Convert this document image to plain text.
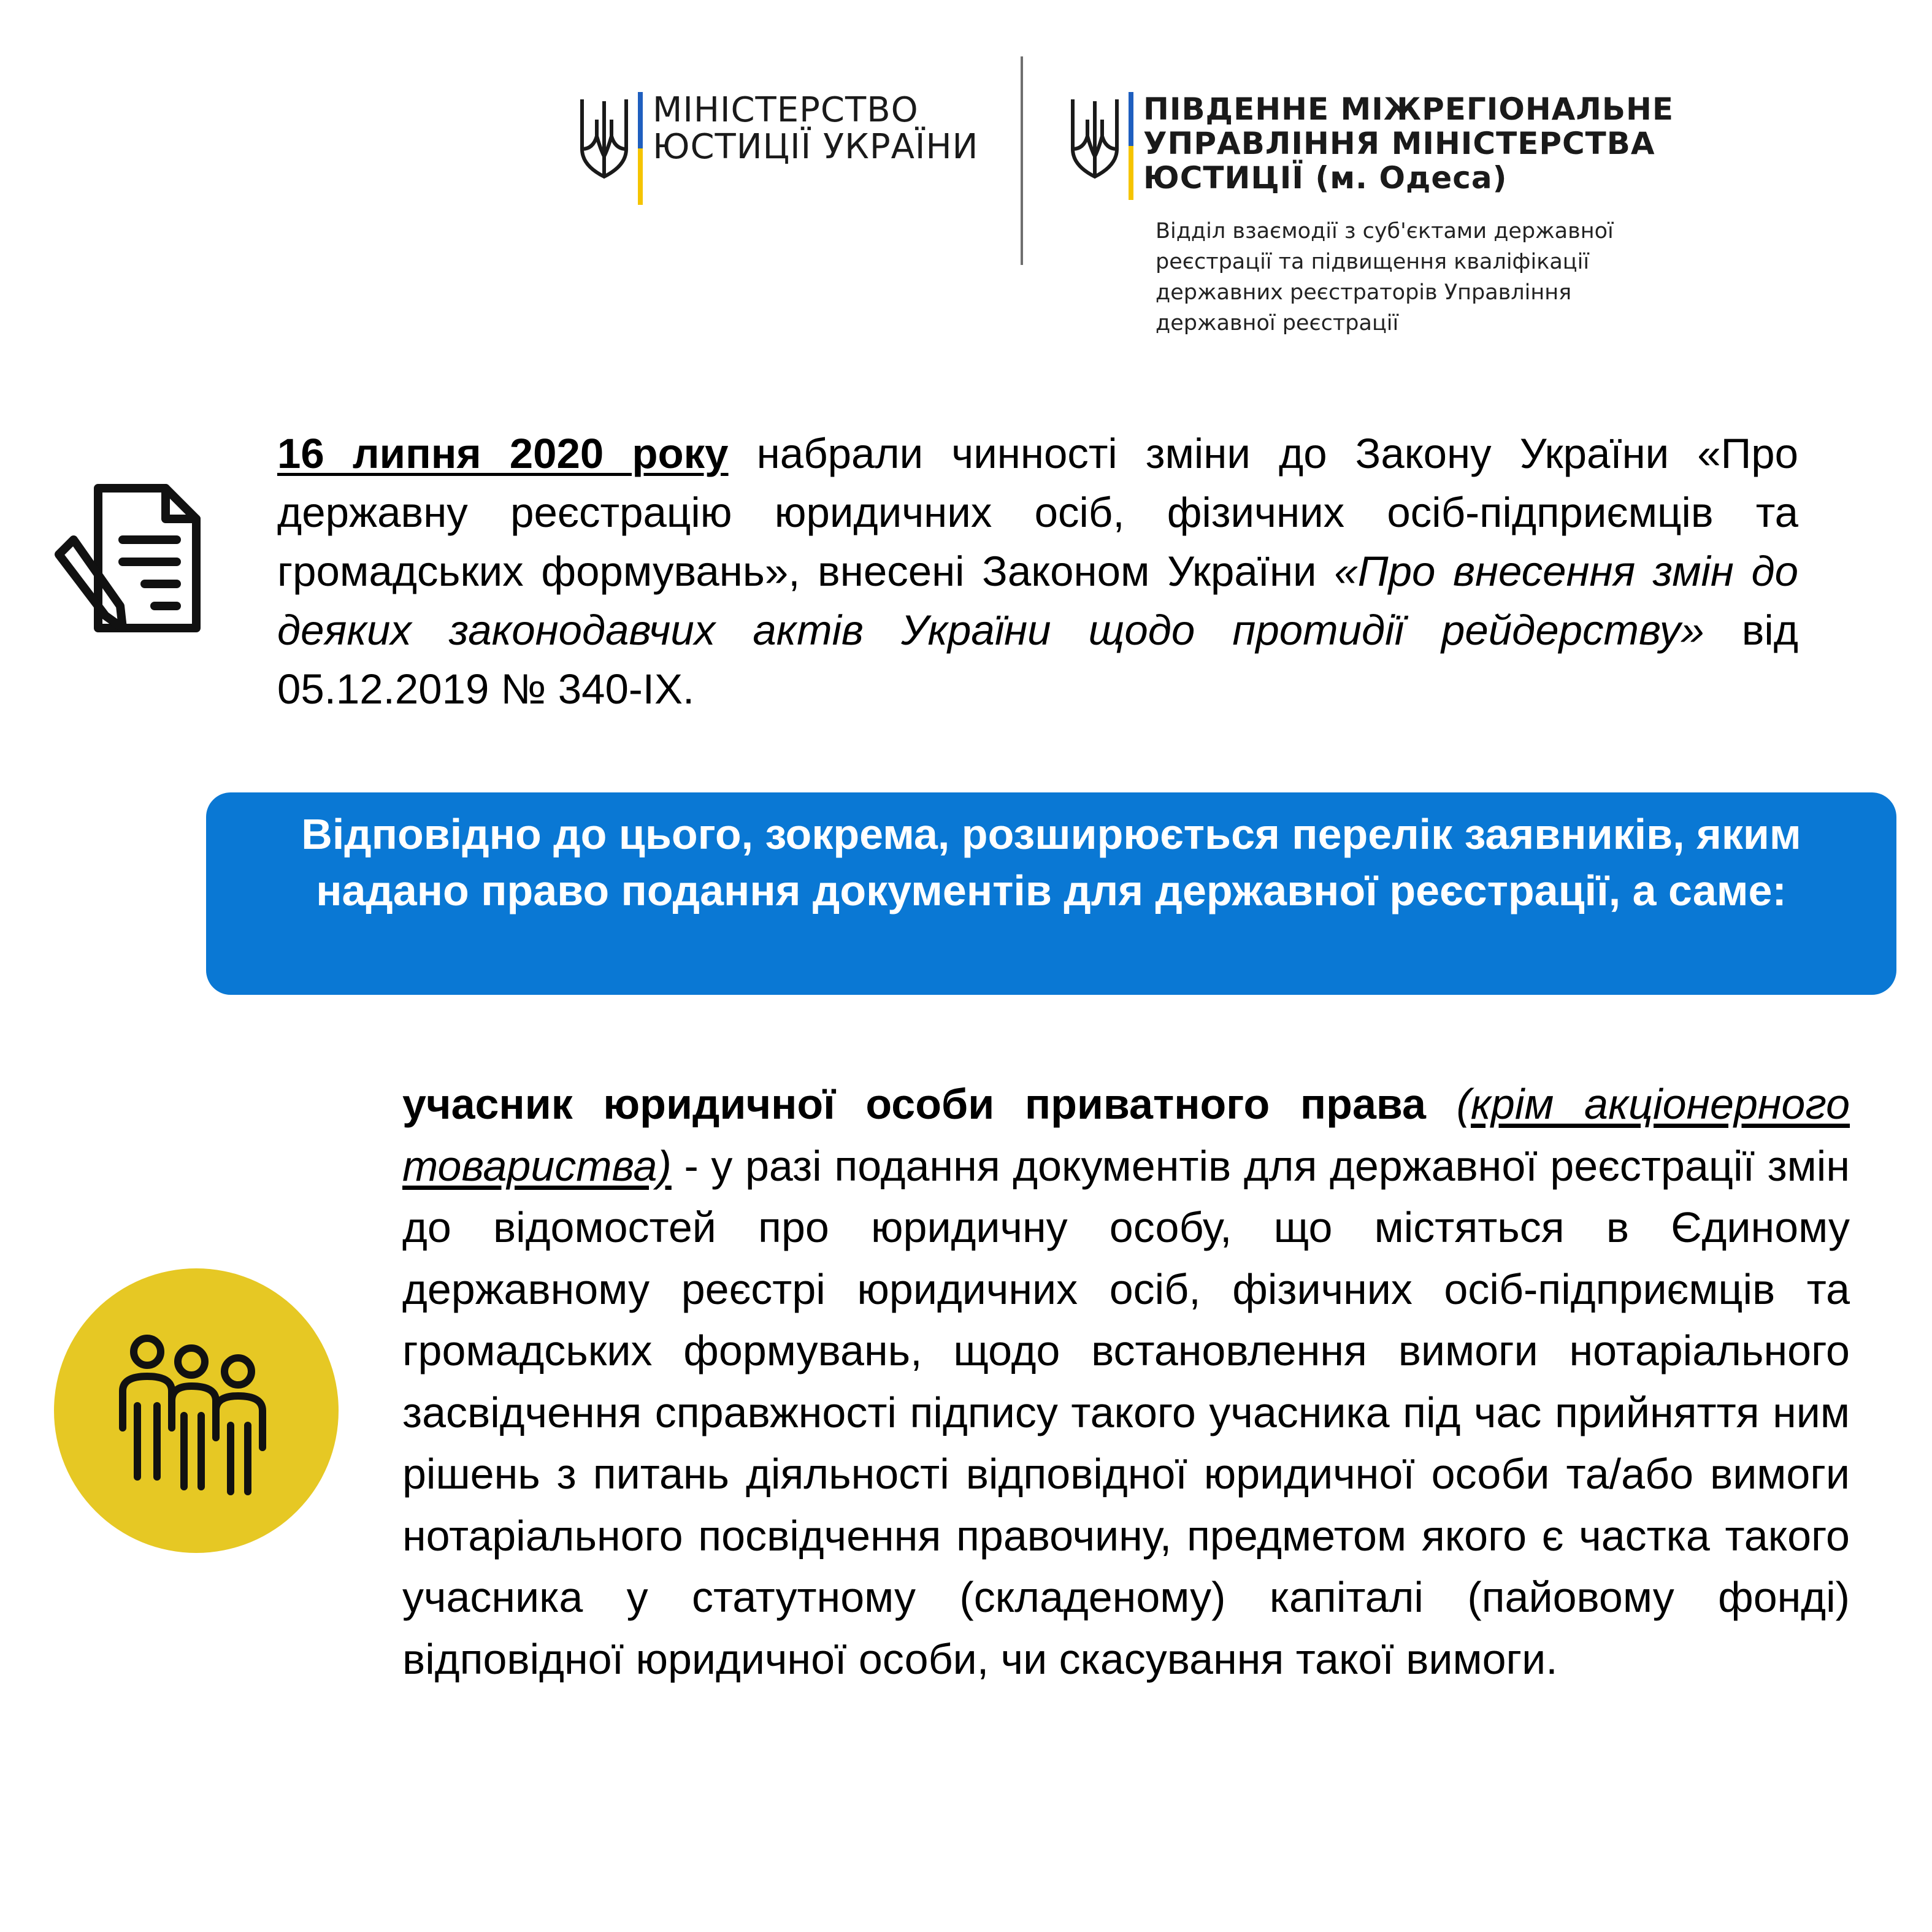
МІНІСТЕРСТВО
ЮСТИЦІЇ УКРАЇНИ
ПІВДЕННЕ МІЖРЕГІОНАЛЬНЕ
УПРАВЛІННЯ МІНІСТЕРСТВА
ЮСТИЦІЇ (м. Одеса)
Відділ взаємодії з суб'єктами державної
реєстрації та підвищення кваліфікації
державних реєстраторів Управління
державної реєстрації
16 липня 2020 року набрали чинності зміни до Закону України «Про державну реєстрацію юридичних осіб, фізичних осіб-підприємців та громадських формувань», внесені Законом України «Про внесення змін до деяких законодавчих актів України щодо протидії рейдерству» від 05.12.2019 № 340-IX.
Відповідно до цього, зокрема, розширюється перелік заявників, яким надано право подання документів для державної реєстрації, а саме:
учасник юридичної особи приватного права (крім акціонерного товариства) - у разі подання документів для державної реєстрації змін до відомостей про юридичну особу, що містяться в Єдиному державному реєстрі юридичних осіб, фізичних осіб-підприємців та громадських формувань, щодо встановлення вимоги нотаріального засвідчення справжності підпису такого учасника під час прийняття ним рішень з питань діяльності відповідної юридичної особи та/або вимоги нотаріального посвідчення правочину, предметом якого є частка такого учасника у статутному (складеному) капіталі (пайовому фонді) відповідної юридичної особи, чи скасування такої вимоги.
